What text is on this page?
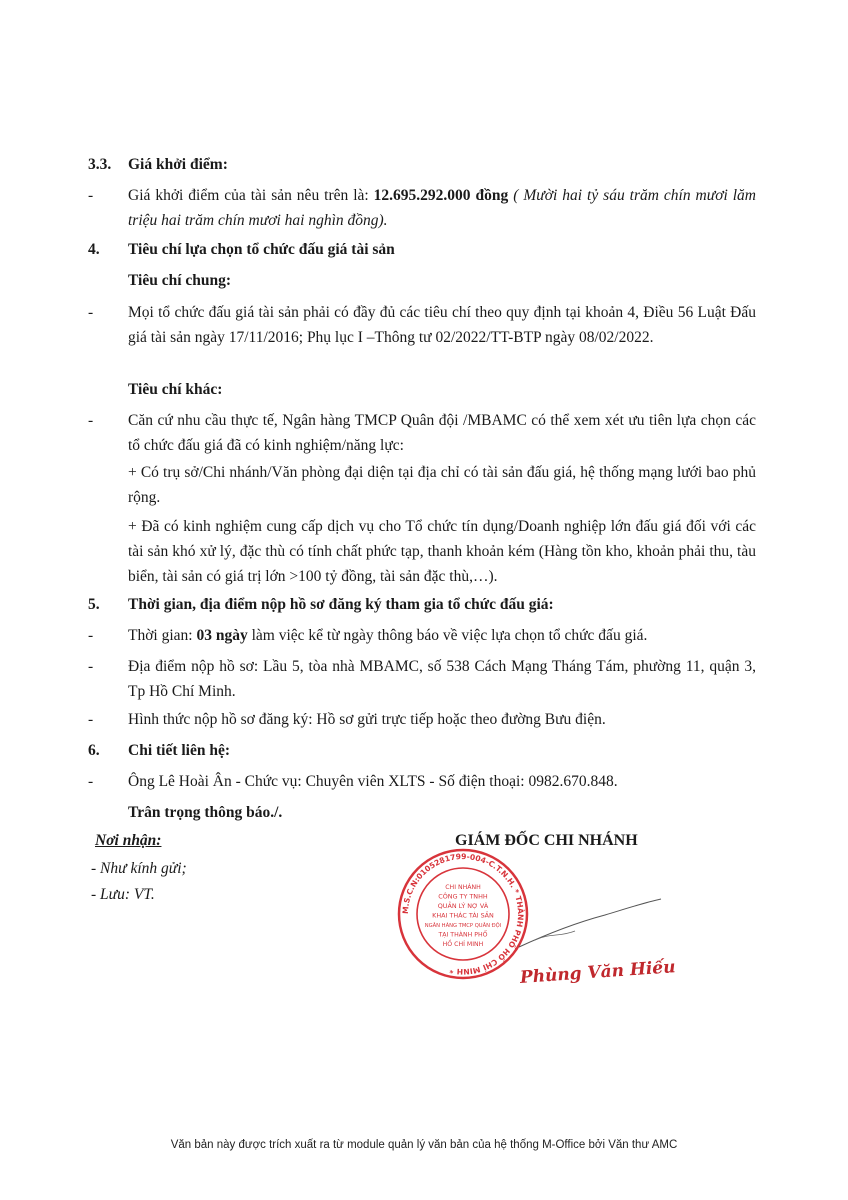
3.3. Giá khởi điểm:
- Giá khởi điểm của tài sản nêu trên là: 12.695.292.000 đồng ( Mười hai tỷ sáu trăm chín mươi lăm triệu hai trăm chín mươi hai nghìn đồng).
4. Tiêu chí lựa chọn tổ chức đấu giá tài sản
Tiêu chí chung:
- Mọi tổ chức đấu giá tài sản phải có đầy đủ các tiêu chí theo quy định tại khoản 4, Điều 56 Luật Đấu giá tài sản ngày 17/11/2016; Phụ lục I –Thông tư 02/2022/TT-BTP ngày 08/02/2022.
Tiêu chí khác:
- Căn cứ nhu cầu thực tế, Ngân hàng TMCP Quân đội /MBAMC có thể xem xét ưu tiên lựa chọn các tổ chức đấu giá đã có kinh nghiệm/năng lực:
+ Có trụ sở/Chi nhánh/Văn phòng đại diện tại địa chỉ có tài sản đấu giá, hệ thống mạng lưới bao phủ rộng.
+ Đã có kinh nghiệm cung cấp dịch vụ cho Tổ chức tín dụng/Doanh nghiệp lớn đấu giá đối với các tài sản khó xử lý, đặc thù có tính chất phức tạp, thanh khoản kém (Hàng tồn kho, khoản phải thu, tàu biển, tài sản có giá trị lớn >100 tỷ đồng, tài sản đặc thù,…).
5. Thời gian, địa điểm nộp hồ sơ đăng ký tham gia tổ chức đấu giá:
- Thời gian: 03 ngày làm việc kể từ ngày thông báo về việc lựa chọn tổ chức đấu giá.
- Địa điểm nộp hồ sơ: Lầu 5, tòa nhà MBAMC, số 538 Cách Mạng Tháng Tám, phường 11, quận 3, Tp Hồ Chí Minh.
- Hình thức nộp hồ sơ đăng ký: Hồ sơ gửi trực tiếp hoặc theo đường Bưu điện.
6. Chi tiết liên hệ:
- Ông Lê Hoài Ân - Chức vụ: Chuyên viên XLTS - Số điện thoại: 0982.670.848.
Trân trọng thông báo./.
Nơi nhận:
- Như kính gửi;
- Lưu: VT.
GIÁM ĐỐC CHI NHÁNH
M.S.C.N:0105281799-004-C.T.N.H. * THÀNH PHỐ HỒ CHÍ MINH *
CHI NHÁNH
CÔNG TY TNHH
QUẢN LÝ NỢ VÀ
KHAI THÁC TÀI SẢN
NGÂN HÀNG TMCP QUÂN ĐỘI
TẠI THÀNH PHỐ
HỒ CHÍ MINH
Phùng Văn Hiếu
Văn bản này được trích xuất ra từ module quản lý văn bản của hệ thống M-Office bởi Văn thư AMC
